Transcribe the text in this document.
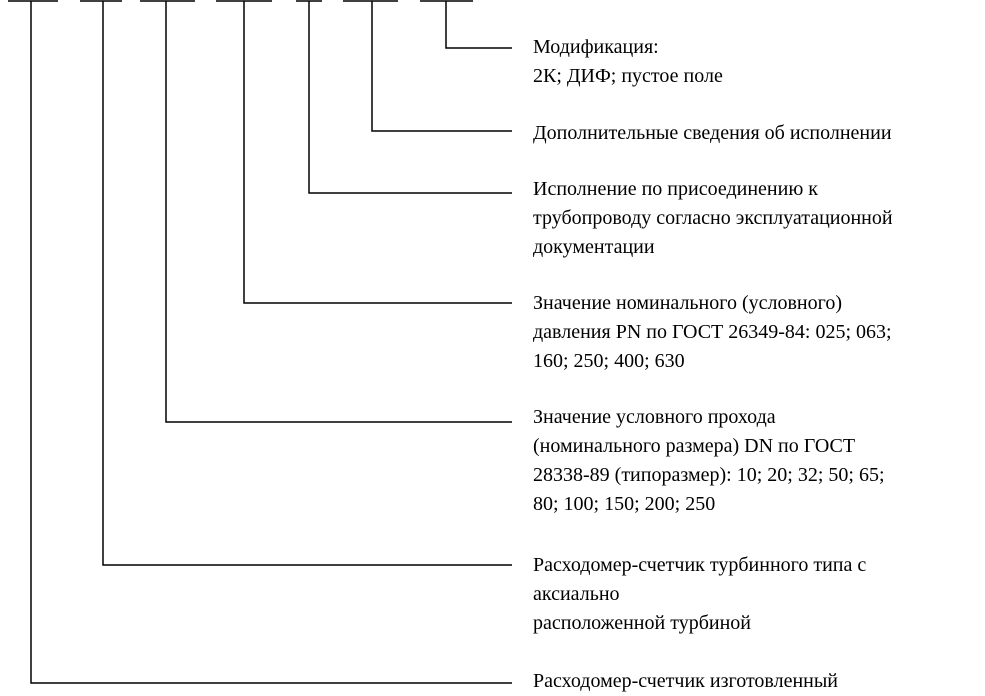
Модификация:
2К; ДИФ; пустое поле
Дополнительные сведения об исполнении
Исполнение по присоединению к
трубопроводу согласно эксплуатационной
документации
Значение номинального (условного)
давления PN по ГОСТ 26349-84: 025; 063;
160; 250; 400; 630
Значение условного прохода
(номинального размера) DN по ГОСТ
28338-89 (типоразмер): 10; 20; 32; 50; 65;
80; 100; 150; 200; 250
Расходомер-счетчик турбинного типа с
аксиально
расположенной турбиной
Расходомер-счетчик изготовленный
